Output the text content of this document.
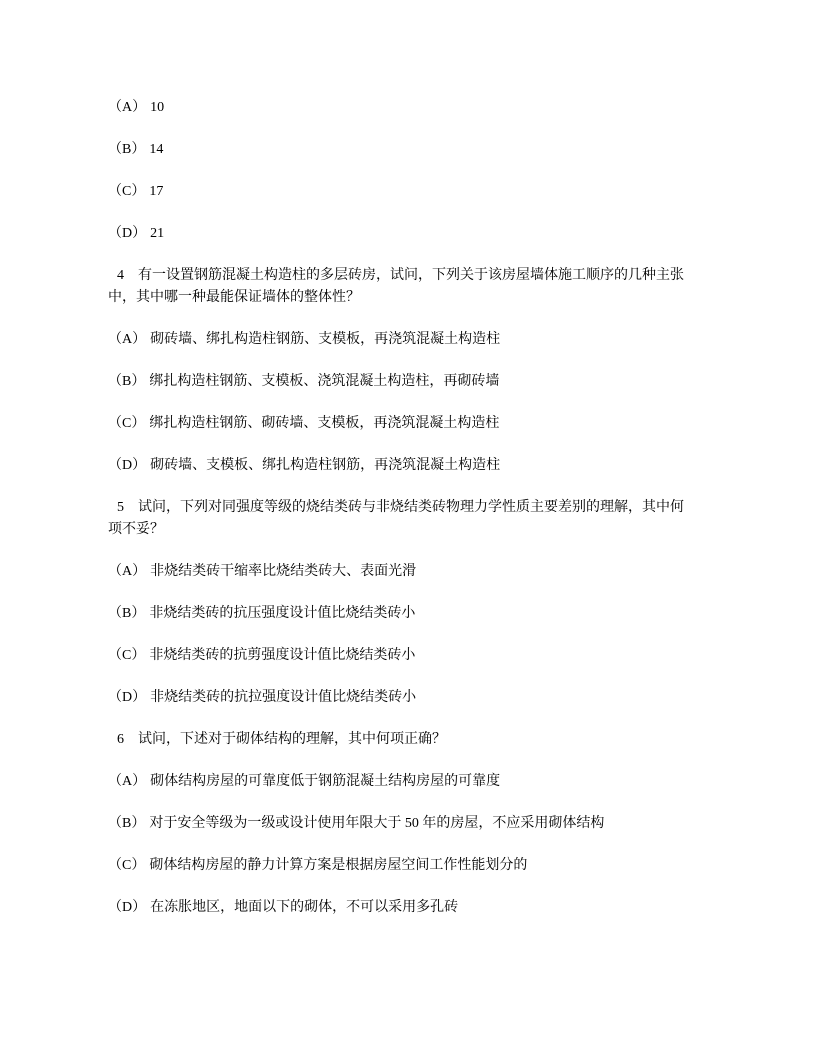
（A） 10

（B） 14

（C） 17

（D） 21

4 有一设置钢筋混凝土构造柱的多层砖房，试问，下列关于该房屋墙体施工顺序的几种主张中，其中哪一种最能保证墙体的整体性？

（A） 砌砖墙、绑扎构造柱钢筋、支模板，再浇筑混凝土构造柱

（B） 绑扎构造柱钢筋、支模板、浇筑混凝土构造柱，再砌砖墙

（C） 绑扎构造柱钢筋、砌砖墙、支模板，再浇筑混凝土构造柱

（D） 砌砖墙、支模板、绑扎构造柱钢筋，再浇筑混凝土构造柱

5 试问，下列对同强度等级的烧结类砖与非烧结类砖物理力学性质主要差别的理解，其中何项不妥？

（A） 非烧结类砖干缩率比烧结类砖大、表面光滑

（B） 非烧结类砖的抗压强度设计值比烧结类砖小

（C） 非烧结类砖的抗剪强度设计值比烧结类砖小

（D） 非烧结类砖的抗拉强度设计值比烧结类砖小

6 试问，下述对于砌体结构的理解，其中何项正确？

（A） 砌体结构房屋的可靠度低于钢筋混凝土结构房屋的可靠度

（B） 对于安全等级为一级或设计使用年限大于 50 年的房屋，不应采用砌体结构

（C） 砌体结构房屋的静力计算方案是根据房屋空间工作性能划分的

（D） 在冻胀地区，地面以下的砌体，不可以采用多孔砖
